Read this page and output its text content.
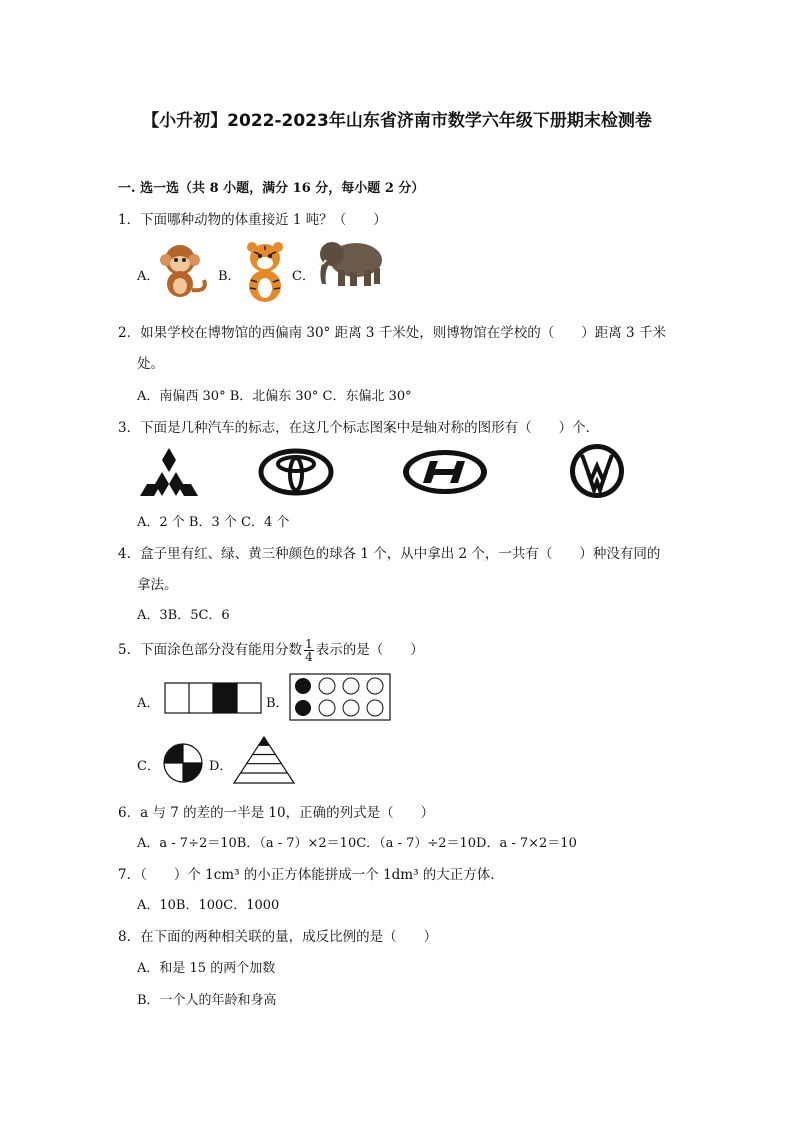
【小升初】2022-2023年山东省济南市数学六年级下册期末检测卷
一. 选一选（共 8 小题，满分 16 分，每小题 2 分）
1．下面哪种动物的体重接近 1 吨？（　　）
A．	B．	C．
2．如果学校在博物馆的西偏南 30° 距离 3 千米处，则博物馆在学校的（　　）距离 3 千米
处。
A．南偏西 30° B．北偏东 30° C．东偏北 30°
3．下面是几种汽车的标志，在这几个标志图案中是轴对称的图形有（　　）个．
A．2 个 B．3 个 C．4 个
4．盒子里有红、绿、黄三种颜色的球各 1 个，从中拿出 2 个，一共有（　　）种没有同的
拿法。
A．3B．5C．6
5．下面涂色部分没有能用分数 $\frac{1}{4}$ 表示的是（　　）
A．	B．
C．	D．
6．a 与 7 的差的一半是 10，正确的列式是（　　）
A．a - 7÷2＝10B．（a - 7）×2＝10C．（a - 7）÷2＝10D．a - 7×2＝10
7．（　　）个 1cm³ 的小正方体能拼成一个 1dm³ 的大正方体．
A．10B．100C．1000
8．在下面的两种相关联的量，成反比例的是（　　）
A．和是 15 的两个加数
B．一个人的年龄和身高
